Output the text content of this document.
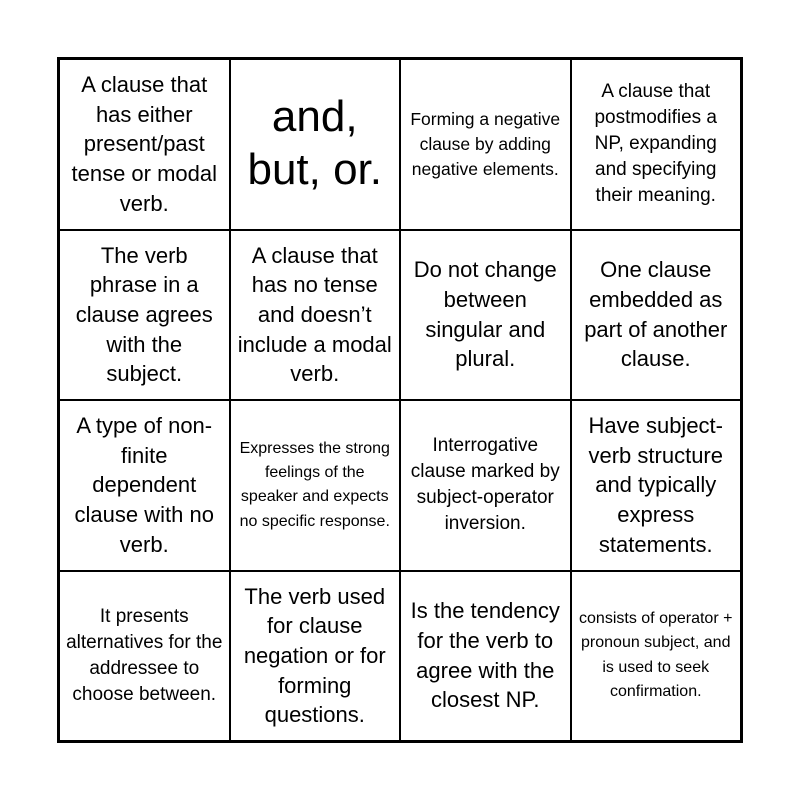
A clause that has either present/past tense or modal verb.
and, but, or.
Forming a negative clause by adding negative elements.
A clause that postmodifies a NP, expanding and specifying their meaning.
The verb phrase in a clause agrees with the subject.
A clause that has no tense and doesn’t include a modal verb.
Do not change between singular and plural.
One clause embedded as part of another clause.
A type of non-finite dependent clause with no verb.
Expresses the strong feelings of the speaker and expects no specific response.
Interrogative clause marked by subject-operator inversion.
Have subject-verb structure and typically express statements.
It presents alternatives for the addressee to choose between.
The verb used for clause negation or for forming questions.
Is the tendency for the verb to agree with the closest NP.
consists of operator + pronoun subject, and is used to seek confirmation.
